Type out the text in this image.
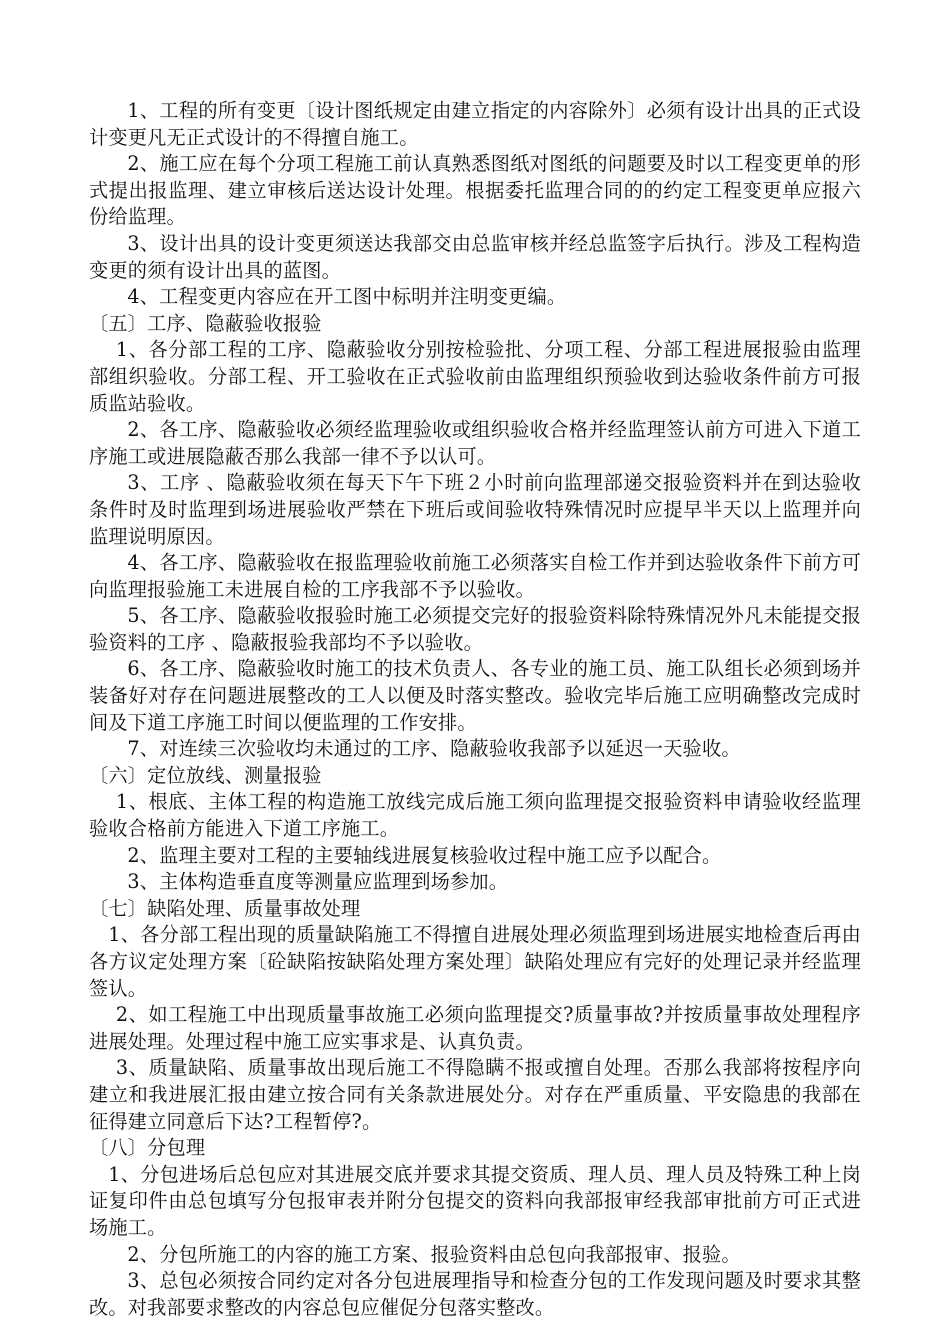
1、工程的所有变更〔设计图纸规定由建立指定的内容除外〕必须有设计出具的正式设计变更凡无正式设计的不得擅自施工。

2、施工应在每个分项工程施工前认真熟悉图纸对图纸的问题要及时以工程变更单的形式提出报监理、建立审核后送达设计处理。根据委托监理合同的的约定工程变更单应报六份给监理。

3、设计出具的设计变更须送达我部交由总监审核并经总监签字后执行。涉及工程构造变更的须有设计出具的蓝图。

4、工程变更内容应在开工图中标明并注明变更编。

〔五〕工序、隐蔽验收报验

1、各分部工程的工序、隐蔽验收分别按检验批、分项工程、分部工程进展报验由监理部组织验收。分部工程、开工验收在正式验收前由监理组织预验收到达验收条件前方可报质监站验收。

2、各工序、隐蔽验收必须经监理验收或组织验收合格并经监理签认前方可进入下道工序施工或进展隐蔽否那么我部一律不予以认可。

3、工序 、隐蔽验收须在每天下午下班２小时前向监理部递交报验资料并在到达验收条件时及时监理到场进展验收严禁在下班后或间验收特殊情况时应提早半天以上监理并向监理说明原因。

4、各工序、隐蔽验收在报监理验收前施工必须落实自检工作并到达验收条件下前方可向监理报验施工未进展自检的工序我部不予以验收。

5、各工序、隐蔽验收报验时施工必须提交完好的报验资料除特殊情况外凡未能提交报验资料的工序 、隐蔽报验我部均不予以验收。

6、各工序、隐蔽验收时施工的技术负责人、各专业的施工员、施工队组长必须到场并装备好对存在问题进展整改的工人以便及时落实整改。验收完毕后施工应明确整改完成时间及下道工序施工时间以便监理的工作安排。

7、对连续三次验收均未通过的工序、隐蔽验收我部予以延迟一天验收。

〔六〕定位放线、测量报验

1、根底、主体工程的构造施工放线完成后施工须向监理提交报验资料申请验收经监理验收合格前方能进入下道工序施工。

2、监理主要对工程的主要轴线进展复核验收过程中施工应予以配合。

3、主体构造垂直度等测量应监理到场参加。

〔七〕缺陷处理、质量事故处理

1、各分部工程出现的质量缺陷施工不得擅自进展处理必须监理到场进展实地检查后再由各方议定处理方案〔砼缺陷按缺陷处理方案处理〕缺陷处理应有完好的处理记录并经监理签认。

2、如工程施工中出现质量事故施工必须向监理提交?质量事故?并按质量事故处理程序进展处理。处理过程中施工应实事求是、认真负责。

3、质量缺陷、质量事故出现后施工不得隐瞒不报或擅自处理。否那么我部将按程序向建立和我进展汇报由建立按合同有关条款进展处分。对存在严重质量、平安隐患的我部在征得建立同意后下达?工程暂停?。

〔八〕分包理

1、分包进场后总包应对其进展交底并要求其提交资质、理人员、理人员及特殊工种上岗证复印件由总包填写分包报审表并附分包提交的资料向我部报审经我部审批前方可正式进场施工。

2、分包所施工的内容的施工方案、报验资料由总包向我部报审、报验。

3、总包必须按合同约定对各分包进展理指导和检查分包的工作发现问题及时要求其整改。对我部要求整改的内容总包应催促分包落实整改。
